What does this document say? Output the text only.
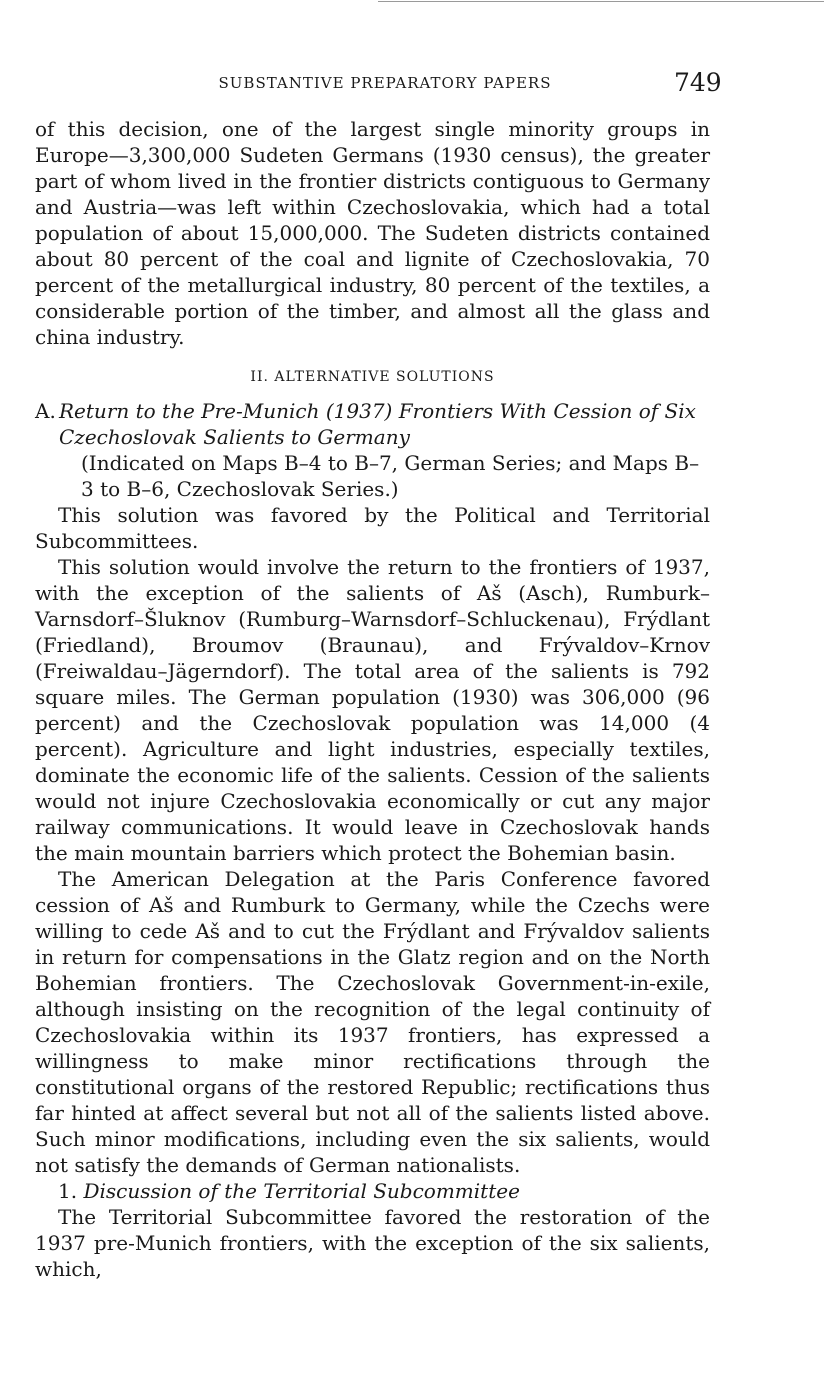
SUBSTANTIVE PREPARATORY PAPERS	749

of this decision, one of the largest single minority groups in Europe—3,300,000 Sudeten Germans (1930 census), the greater part of whom lived in the frontier districts contiguous to Germany and Austria—was left within Czechoslovakia, which had a total population of about 15,000,000. The Sudeten districts contained about 80 percent of the coal and lignite of Czechoslovakia, 70 percent of the metallurgical industry, 80 percent of the textiles, a considerable portion of the timber, and almost all the glass and china industry.

II. ALTERNATIVE SOLUTIONS
A. Return to the Pre-Munich (1937) Frontiers With Cession of Six Czechoslovak Salients to Germany

(Indicated on Maps B–4 to B–7, German Series; and Maps B–3 to B–6, Czechoslovak Series.)

This solution was favored by the Political and Territorial Subcommittees.

This solution would involve the return to the frontiers of 1937, with the exception of the salients of Aš (Asch), Rumburk–Varnsdorf–Šluknov (Rumburg–Warnsdorf–Schluckenau), Frýdlant (Friedland), Broumov (Braunau), and Frývaldov–Krnov (Freiwaldau–Jägerndorf). The total area of the salients is 792 square miles. The German population (1930) was 306,000 (96 percent) and the Czechoslovak population was 14,000 (4 percent). Agriculture and light industries, especially textiles, dominate the economic life of the salients. Cession of the salients would not injure Czechoslovakia economically or cut any major railway communications. It would leave in Czechoslovak hands the main mountain barriers which protect the Bohemian basin.

The American Delegation at the Paris Conference favored cession of Aš and Rumburk to Germany, while the Czechs were willing to cede Aš and to cut the Frýdlant and Frývaldov salients in return for compensations in the Glatz region and on the North Bohemian frontiers. The Czechoslovak Government-in-exile, although insisting on the recognition of the legal continuity of Czechoslovakia within its 1937 frontiers, has expressed a willingness to make minor rectifications through the constitutional organs of the restored Republic; rectifications thus far hinted at affect several but not all of the salients listed above. Such minor modifications, including even the six salients, would not satisfy the demands of German nationalists.

1. Discussion of the Territorial Subcommittee

The Territorial Subcommittee favored the restoration of the 1937 pre-Munich frontiers, with the exception of the six salients, which,
